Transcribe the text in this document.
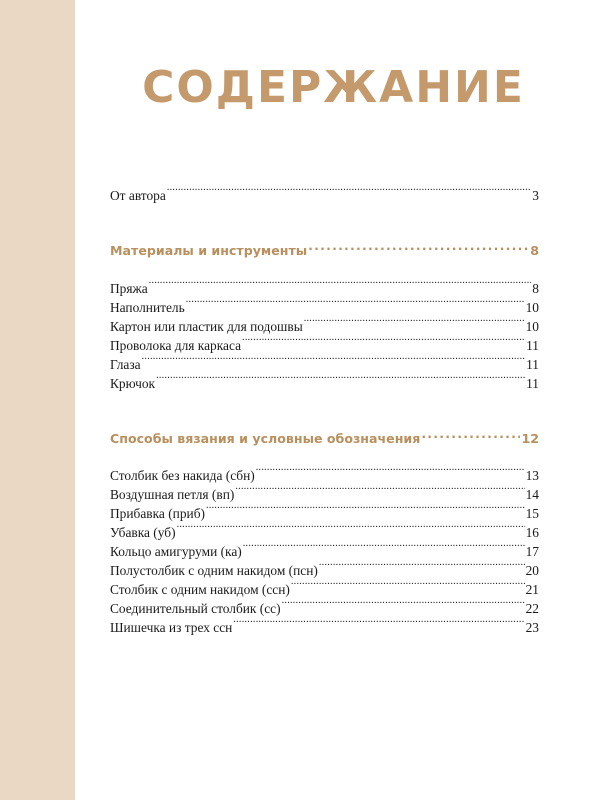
СОДЕРЖАНИЕ
От автора .....	3
Материалы и инструменты .....	8
Пряжа .....	8
Наполнитель .....	10
Картон или пластик для подошвы .....	10
Проволока для каркаса .....	11
Глаза .....	11
Крючок .....	11
Способы вязания и условные обозначения .....	12
Столбик без накида (сбн) .....	13
Воздушная петля (вп) .....	14
Прибавка (приб) .....	15
Убавка (уб) .....	16
Кольцо амигуруми (ка) .....	17
Полустолбик с одним накидом (псн) .....	20
Столбик с одним накидом (ссн) .....	21
Соединительный столбик (сс) .....	22
Шишечка из трех ссн .....	23
